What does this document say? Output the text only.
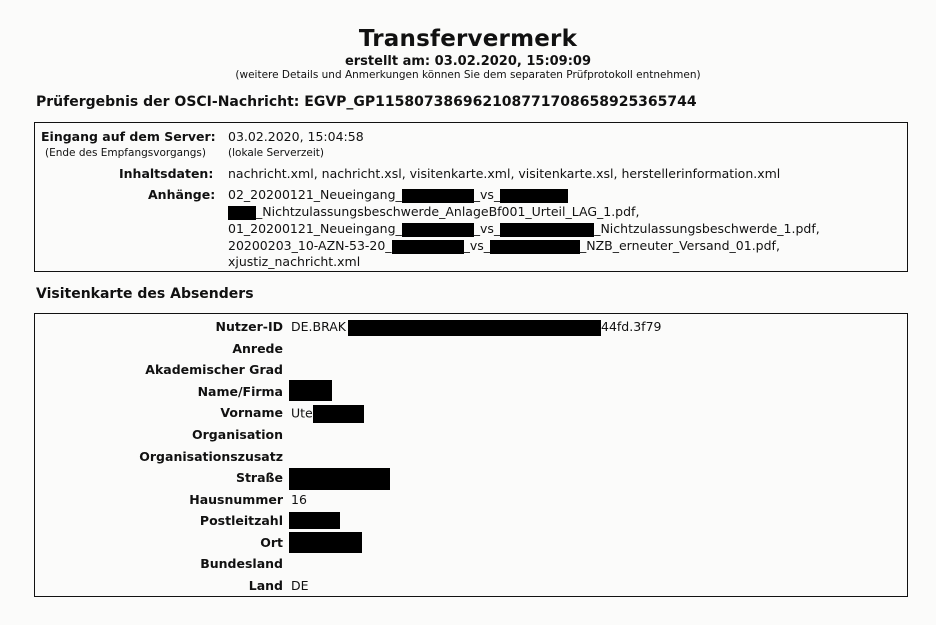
Transfervermerk
erstellt am: 03.02.2020, 15:09:09
(weitere Details und Anmerkungen können Sie dem separaten Prüfprotokoll entnehmen)
Prüfergebnis der OSCI-Nachricht: EGVP_GP115807386962108771708658925365744
Eingang auf dem Server: 03.02.2020, 15:04:58
(Ende des Empfangsvorgangs) (lokale Serverzeit)
Inhaltsdaten: nachricht.xml, nachricht.xsl, visitenkarte.xml, visitenkarte.xsl, herstellerinformation.xml
Anhänge: 02_20200121_Neueingang_	_vs_
_Nichtzulassungsbeschwerde_AnlageBf001_Urteil_LAG_1.pdf,
01_20200121_Neueingang_	_vs_	_Nichtzulassungsbeschwerde_1.pdf,
20200203_10-AZN-53-20_	_vs_	_NZB_erneuter_Versand_01.pdf,
xjustiz_nachricht.xml
Visitenkarte des Absenders
Nutzer-ID DE.BRAK	44fd.3f79
Anrede
Akademischer Grad
Name/Firma
Vorname Ute
Organisation
Organisationszusatz
Straße
Hausnummer 16
Postleitzahl
Ort
Bundesland
Land DE
